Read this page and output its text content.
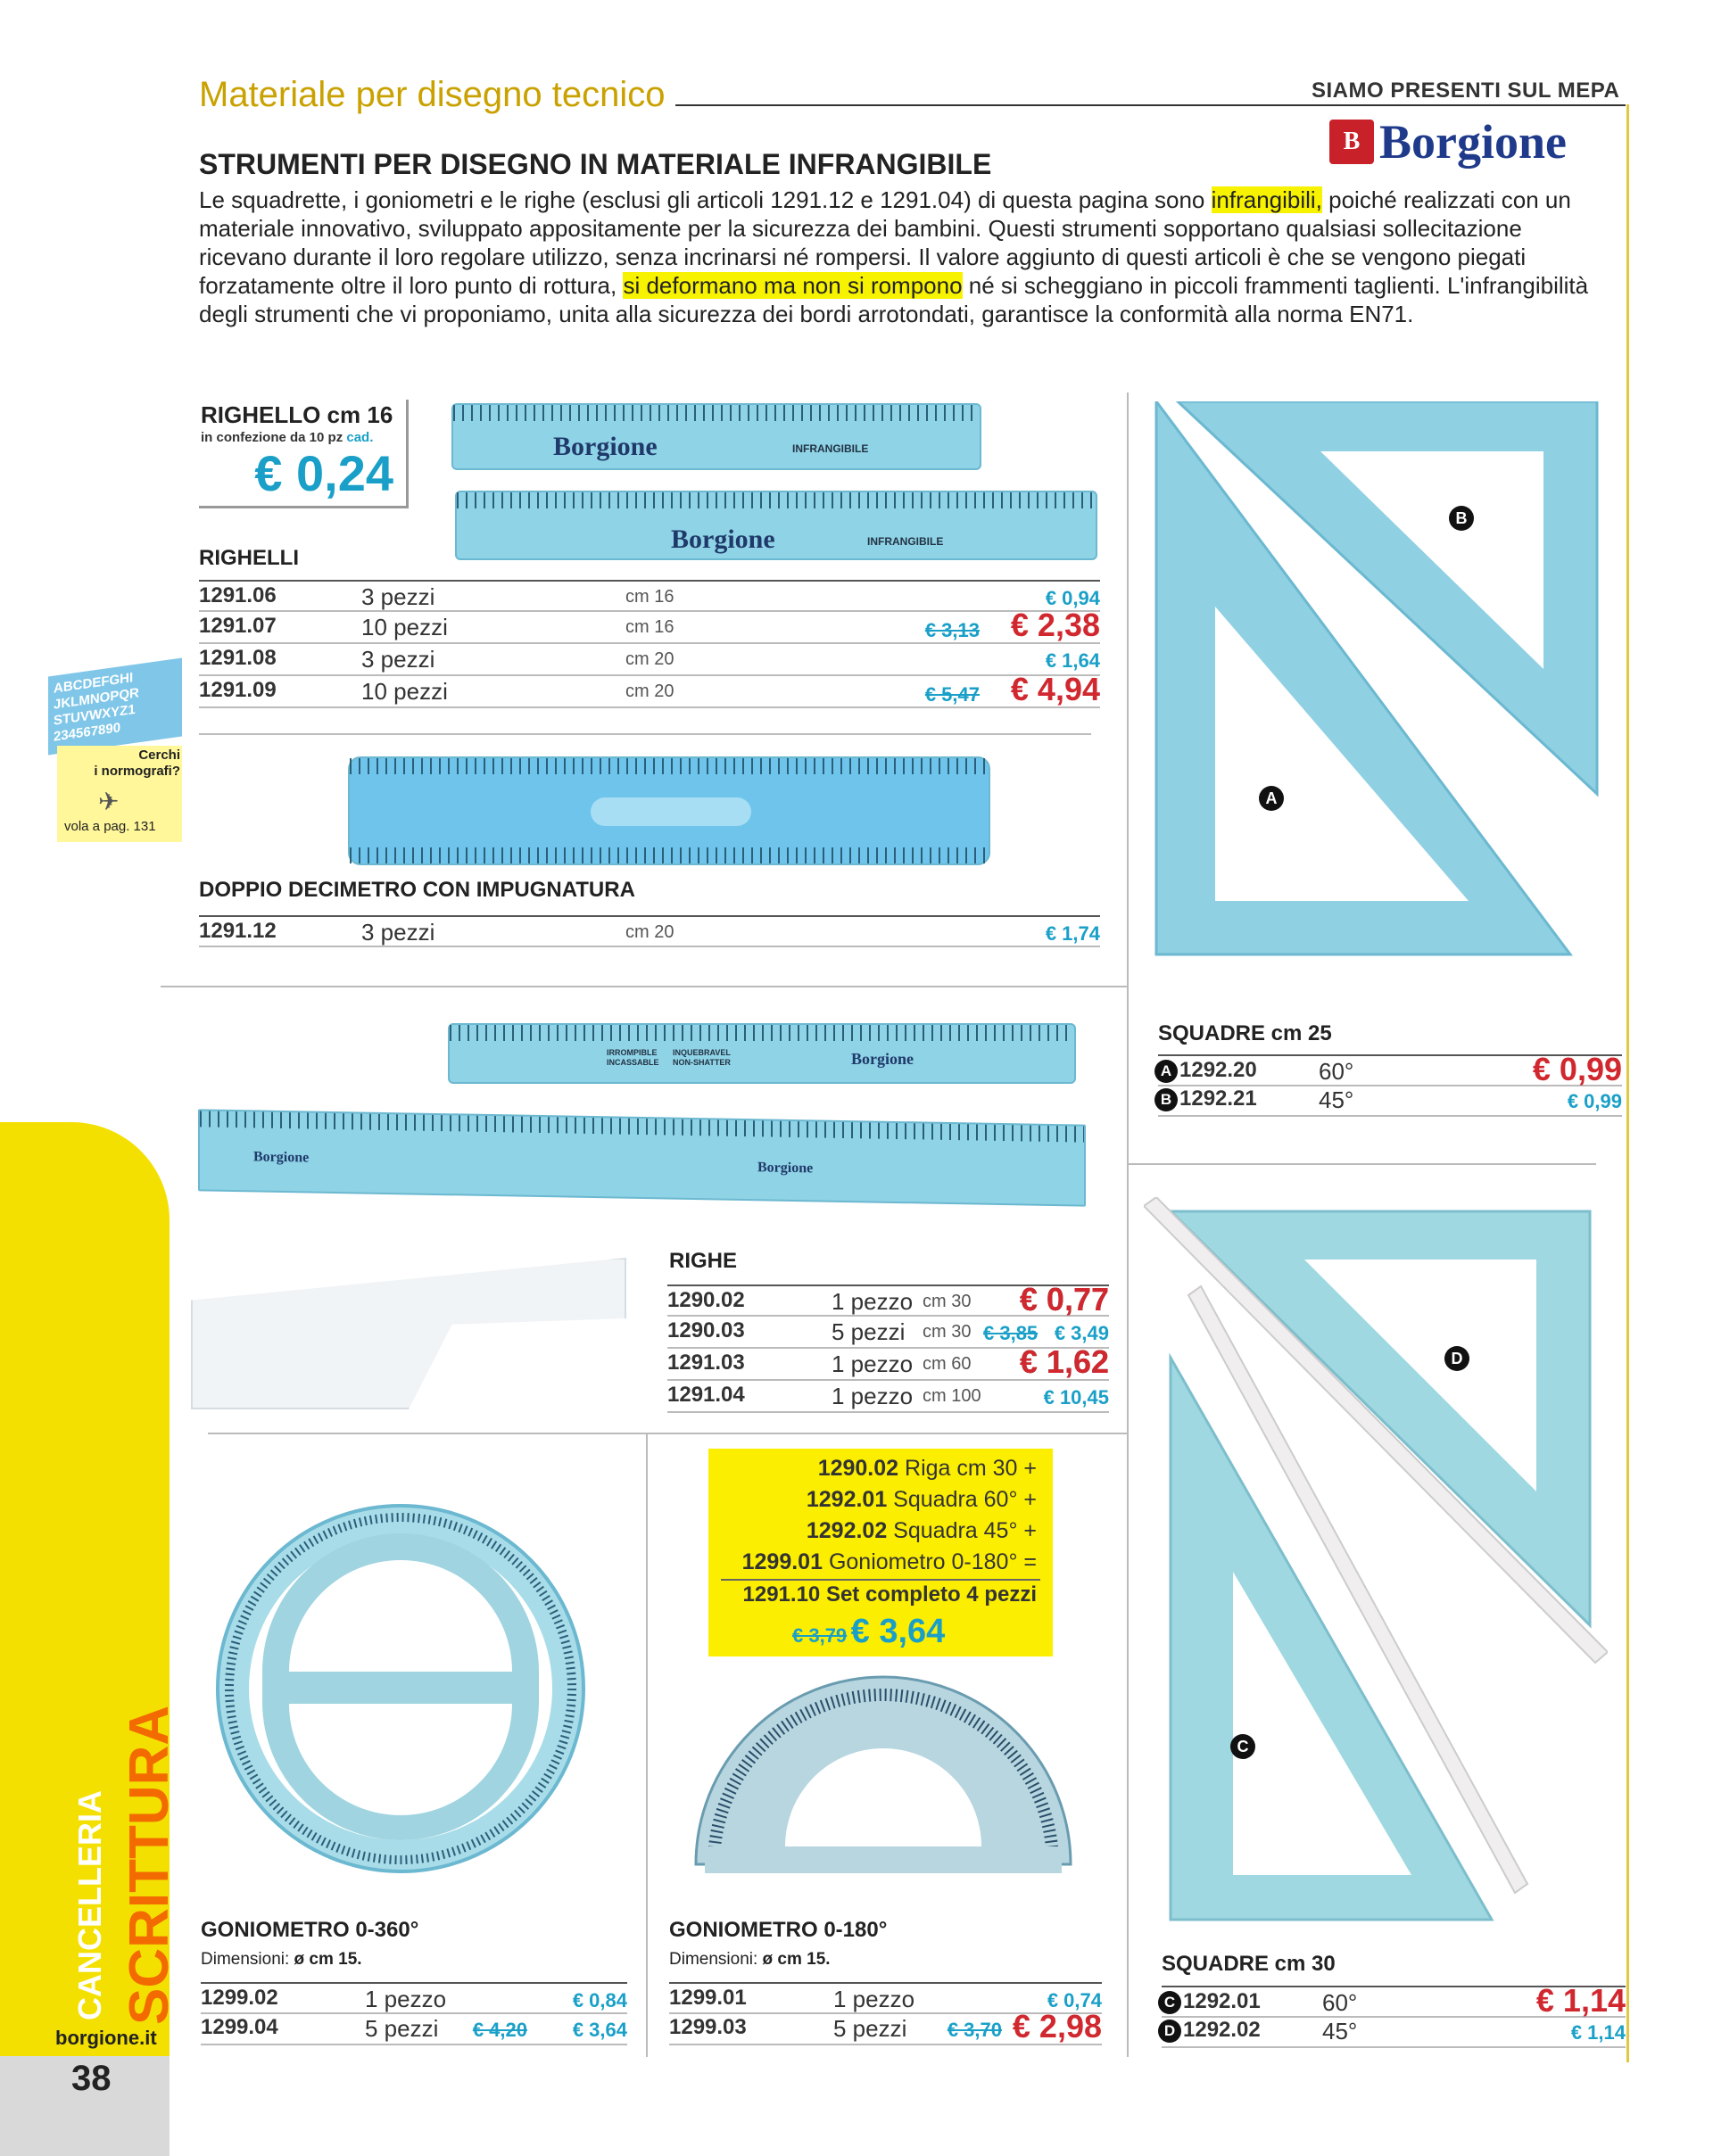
CANCELLERIA SCRITTURA
borgione.it
38
Materiale per disegno tecnico	SIAMO PRESENTI SUL MEPA
B Borgione
STRUMENTI PER DISEGNO IN MATERIALE INFRANGIBILE
Le squadrette, i goniometri e le righe (esclusi gli articoli 1291.12 e 1291.04) di questa pagina sono infrangibili, poiché realizzati con un materiale innovativo, sviluppato appositamente per la sicurezza dei bambini. Questi strumenti sopportano qualsiasi sollecitazione ricevano durante il loro regolare utilizzo, senza incrinarsi né rompersi. Il valore aggiunto di questi articoli è che se vengono piegati forzatamente oltre il loro punto di rottura, si deformano ma non si rompono né si scheggiano in piccoli frammenti taglienti. L'infrangibilità degli strumenti che vi proponiamo, unita alla sicurezza dei bordi arrotondati, garantisce la conformità alla norma EN71.
RIGHELLO cm 16
in confezione da 10 pz cad.
€ 0,24	Borgione	INFRANGIBILE
Borgione	INFRANGIBILE
RIGHELLI
1291.06	3 pezzi	cm 16	€ 0,94
1291.07	10 pezzi	cm 16	€ 3,13 € 2,38
1291.08	3 pezzi	cm 20	€ 1,64
1291.09	10 pezzi	cm 20	€ 5,47 € 4,94
ABCDEFGHI JKLMNOPQR STUVWXYZ1 234567890
Cerchi
i normografi?
✈
vola a pag. 131
DOPPIO DECIMETRO CON IMPUGNATURA
1291.12	3 pezzi	cm 20	€ 1,74
Borgione
IRROMPIBLE
INCASSABLE
INQUEBRAVEL
NON-SHATTER
Borgione
Borgione
RIGHE
1290.02	1 pezzo cm 30 € 0,77
1290.03	5 pezzi cm 30 € 3,85 € 3,49
1291.03	1 pezzo cm 60 € 1,62
1291.04	1 pezzo cm 100	€ 10,45
A
B
SQUADRE cm 25
A 1292.20	60°	€ 0,99
B 1292.21	45°	€ 0,99
D
C
SQUADRE cm 30
C 1292.01	60°	€ 1,14
D 1292.02	45°	€ 1,14
1290.02 Riga cm 30 +
1292.01 Squadra 60° +
1292.02 Squadra 45° +
1299.01 Goniometro 0-180° =
1291.10 Set completo 4 pezzi
€ 3,79 € 3,64
GONIOMETRO 0-360°
Dimensioni: ø cm 15.
1299.02	1 pezzo	€ 0,84
1299.04	5 pezzi € 4,20 € 3,64
GONIOMETRO 0-180°
Dimensioni: ø cm 15.
1299.01	1 pezzo	€ 0,74
1299.03	5 pezzi € 3,70 € 2,98
